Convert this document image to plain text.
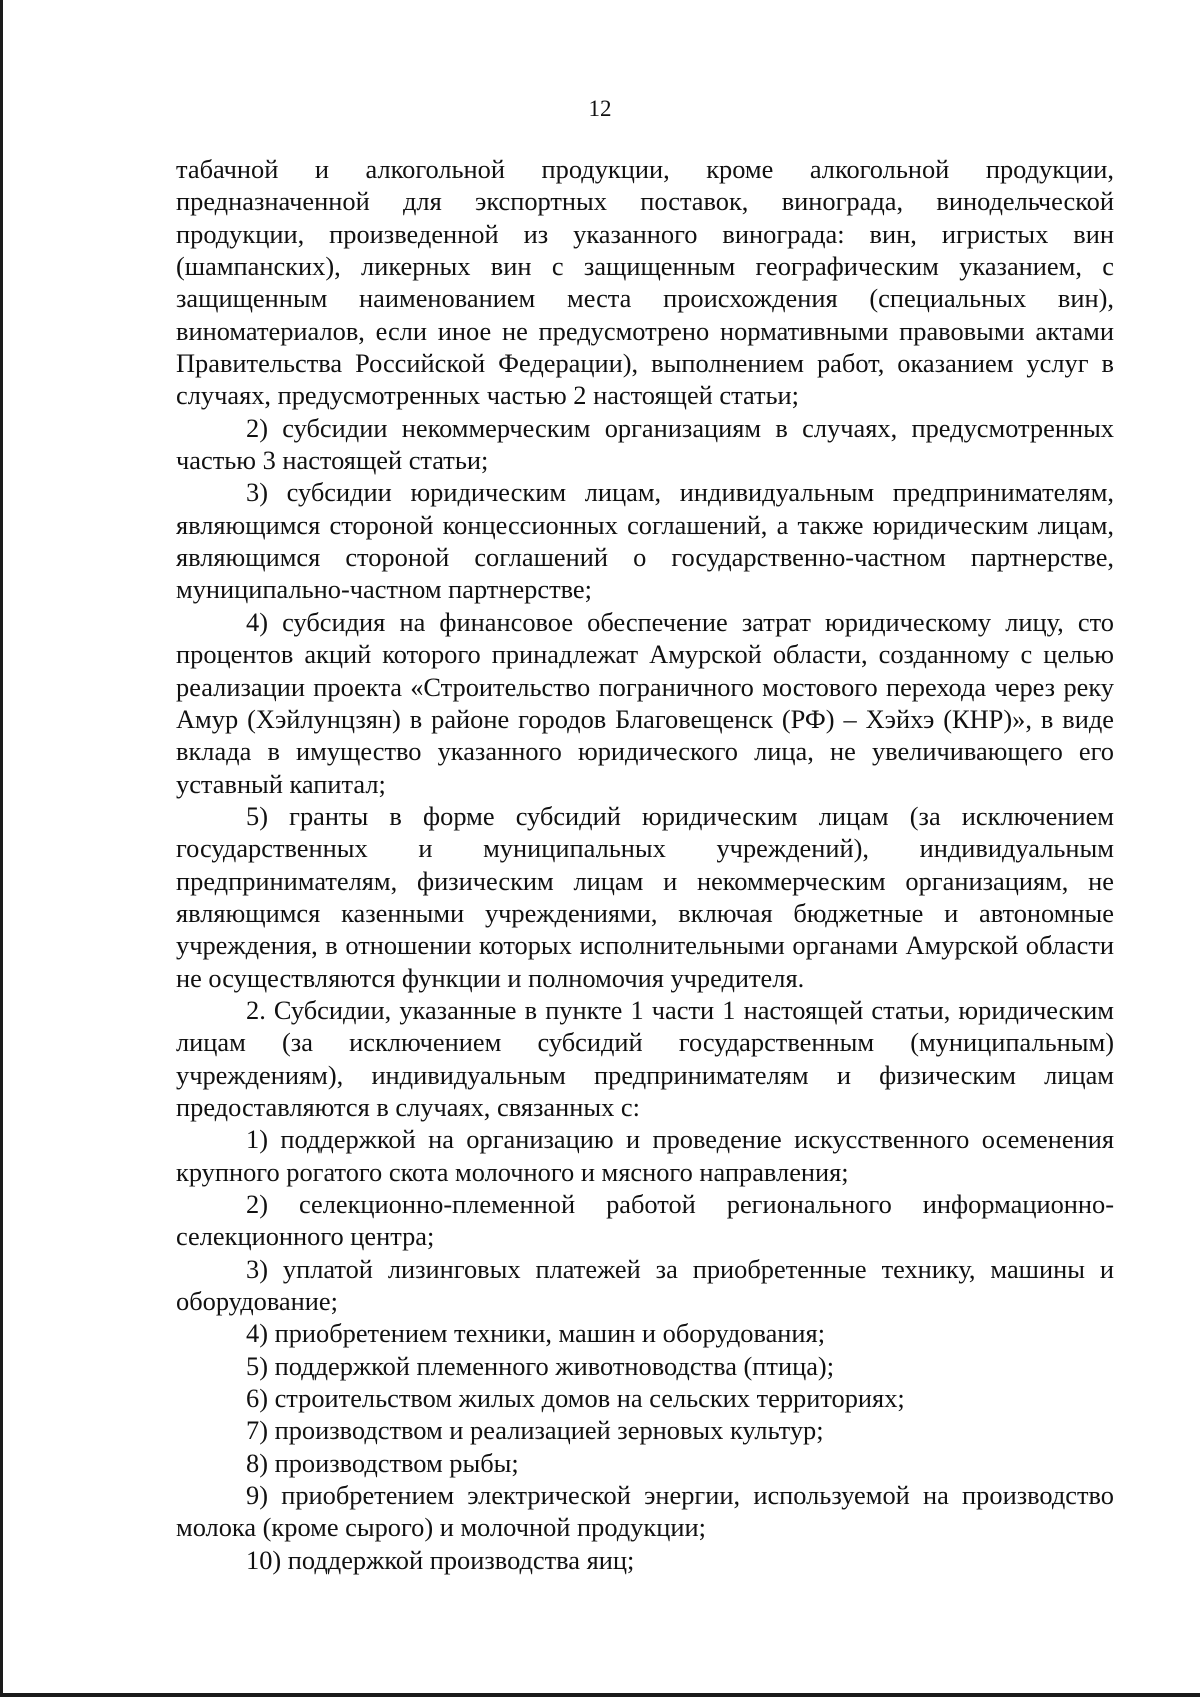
12

табачной и алкогольной продукции, кроме алкогольной продукции, предназначенной для экспортных поставок, винограда, винодельческой продукции, произведенной из указанного винограда: вин, игристых вин (шампанских), ликерных вин с защищенным географическим указанием, с защищенным наименованием места происхождения (специальных вин), виноматериалов, если иное не предусмотрено нормативными правовыми актами Правительства Российской Федерации), выполнением работ, оказанием услуг в случаях, предусмотренных частью 2 настоящей статьи;

2) субсидии некоммерческим организациям в случаях, предусмотренных частью 3 настоящей статьи;

3) субсидии юридическим лицам, индивидуальным предпринимателям, являющимся стороной концессионных соглашений, а также юридическим лицам, являющимся стороной соглашений о государственно-частном партнерстве, муниципально-частном партнерстве;

4) субсидия на финансовое обеспечение затрат юридическому лицу, сто процентов акций которого принадлежат Амурской области, созданному с целью реализации проекта «Строительство пограничного мостового перехода через реку Амур (Хэйлунцзян) в районе городов Благовещенск (РФ) – Хэйхэ (КНР)», в виде вклада в имущество указанного юридического лица, не увеличивающего его уставный капитал;

5) гранты в форме субсидий юридическим лицам (за исключением государственных и муниципальных учреждений), индивидуальным предпринимателям, физическим лицам и некоммерческим организациям, не являющимся казенными учреждениями, включая бюджетные и автономные учреждения, в отношении которых исполнительными органами Амурской области не осуществляются функции и полномочия учредителя.

2. Субсидии, указанные в пункте 1 части 1 настоящей статьи, юридическим лицам (за исключением субсидий государственным (муниципальным) учреждениям), индивидуальным предпринимателям и физическим лицам предоставляются в случаях, связанных с:

1) поддержкой на организацию и проведение искусственного осеменения крупного рогатого скота молочного и мясного направления;

2) селекционно-племенной работой регионального информационно-селекционного центра;

3) уплатой лизинговых платежей за приобретенные технику, машины и оборудование;

4) приобретением техники, машин и оборудования;

5) поддержкой племенного животноводства (птица);

6) строительством жилых домов на сельских территориях;

7) производством и реализацией зерновых культур;

8) производством рыбы;

9) приобретением электрической энергии, используемой на производство молока (кроме сырого) и молочной продукции;

10) поддержкой производства яиц;
